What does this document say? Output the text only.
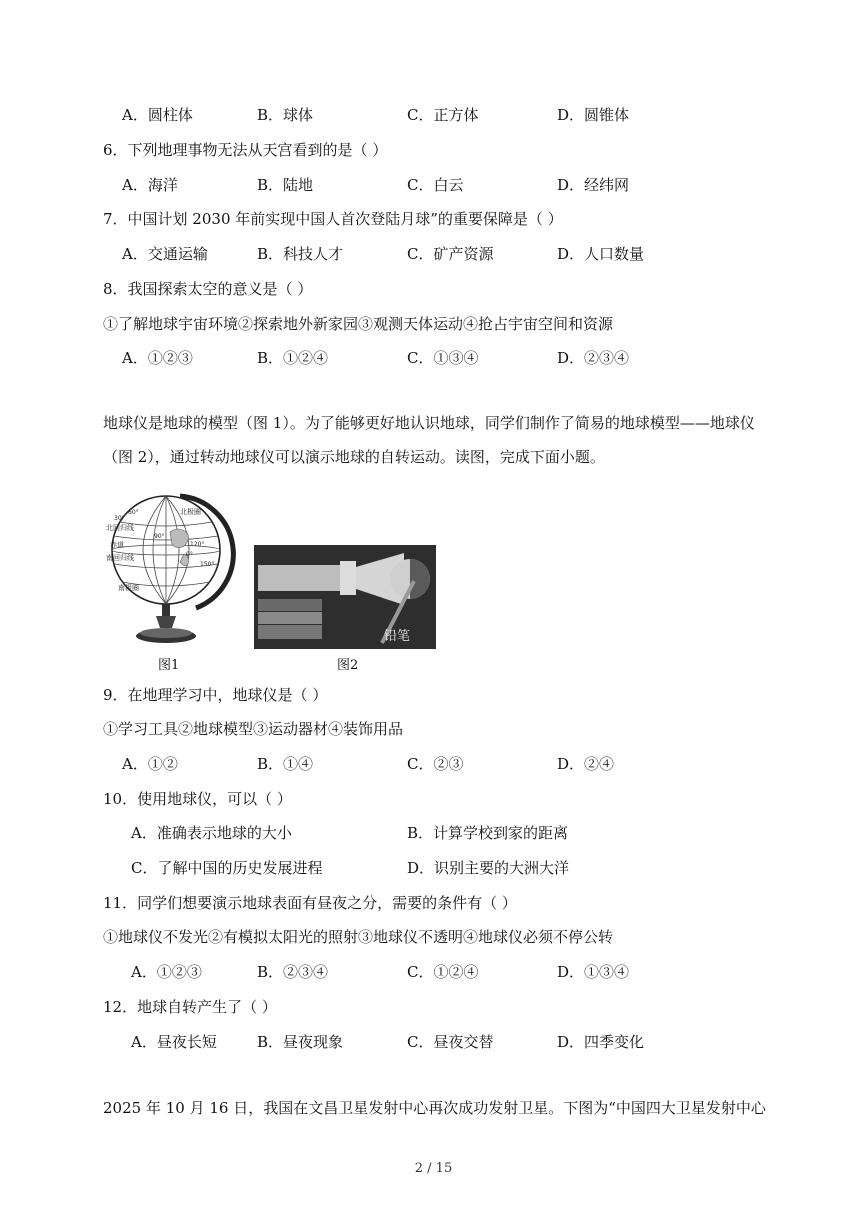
A．圆柱体	B．球体	C．正方体	D．圆锥体
6．下列地理事物无法从天宫看到的是（ ）
A．海洋	B．陆地	C．白云	D．经纬网
7．中国计划 2030 年前实现中国人首次登陆月球”的重要保障是（ ）
A．交通运输	B．科技人才	C．矿产资源	D．人口数量
8．我国探索太空的意义是（ ）
①了解地球宇宙环境②探索地外新家园③观测天体运动④抢占宇宙空间和资源
A．①②③	B．①②④	C．①③④	D．②③④
地球仪是地球的模型（图 1）。为了能够更好地认识地球，同学们制作了简易的地球模型——地球仪（图 2），通过转动地球仪可以演示地球的自转运动。读图，完成下面小题。
北极圈
北回归线
赤道
南回归线
南极圈
30°
60°
90°
120°
150°
0°
图1
铅笔
图2
9．在地理学习中，地球仪是（ ）
①学习工具②地球模型③运动器材④装饰用品
A．①②	B．①④	C．②③	D．②④
10．使用地球仪，可以（ ）
A．准确表示地球的大小	B．计算学校到家的距离
C．了解中国的历史发展进程	D．识别主要的大洲大洋
11．同学们想要演示地球表面有昼夜之分，需要的条件有（ ）
①地球仪不发光②有模拟太阳光的照射③地球仪不透明④地球仪必须不停公转
A．①②③	B．②③④	C．①②④	D．①③④
12．地球自转产生了（ ）
A．昼夜长短	B．昼夜现象	C．昼夜交替	D．四季变化
2025 年 10 月 16 日，我国在文昌卫星发射中心再次成功发射卫星。下图为“中国四大卫星发射中心
2 / 15
